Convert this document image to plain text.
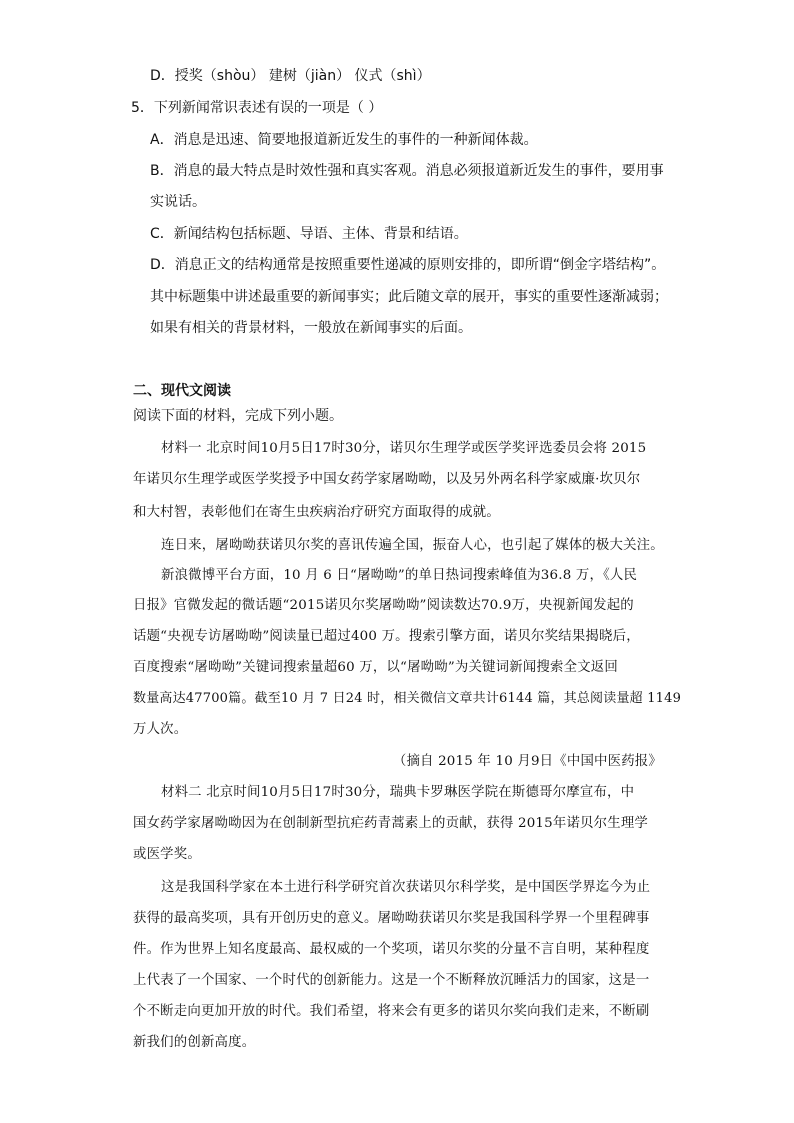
D．授奖（shòu） 建树（jiàn） 仪式（shì）
5．下列新闻常识表述有误的一项是（ ）
A．消息是迅速、简要地报道新近发生的事件的一种新闻体裁。
B．消息的最大特点是时效性强和真实客观。消息必须报道新近发生的事件，要用事
实说话。
C．新闻结构包括标题、导语、主体、背景和结语。
D．消息正文的结构通常是按照重要性递减的原则安排的，即所谓“倒金字塔结构”。
其中标题集中讲述最重要的新闻事实；此后随文章的展开，事实的重要性逐渐减弱；
如果有相关的背景材料，一般放在新闻事实的后面。
二、现代文阅读
阅读下面的材料，完成下列小题。
材料一 北京时间10月5日17时30分，诺贝尔生理学或医学奖评选委员会将 2015
年诺贝尔生理学或医学奖授予中国女药学家屠呦呦，以及另外两名科学家威廉·坎贝尔
和大村智，表彰他们在寄生虫疾病治疗研究方面取得的成就。
连日来，屠呦呦获诺贝尔奖的喜讯传遍全国，振奋人心，也引起了媒体的极大关注。
新浪微博平台方面，10 月 6 日“屠呦呦”的单日热词搜索峰值为36.8 万，《人民
日报》官微发起的微话题“2015诺贝尔奖屠呦呦”阅读数达70.9万，央视新闻发起的
话题“央视专访屠呦呦”阅读量已超过400 万。搜索引擎方面，诺贝尔奖结果揭晓后，
百度搜索“屠呦呦”关键词搜索量超60 万，以“屠呦呦”为关键词新闻搜索全文返回
数量高达47700篇。截至10 月 7 日24 时，相关微信文章共计6144 篇，其总阅读量超 1149
万人次。
（摘自 2015 年 10 月9日《中国中医药报》
材料二 北京时间10月5日17时30分，瑞典卡罗琳医学院在斯德哥尔摩宣布，中
国女药学家屠呦呦因为在创制新型抗疟药青蒿素上的贡献，获得 2015年诺贝尔生理学
或医学奖。
这是我国科学家在本土进行科学研究首次获诺贝尔科学奖，是中国医学界迄今为止
获得的最高奖项，具有开创历史的意义。屠呦呦获诺贝尔奖是我国科学界一个里程碑事
件。作为世界上知名度最高、最权威的一个奖项，诺贝尔奖的分量不言自明，某种程度
上代表了一个国家、一个时代的创新能力。这是一个不断释放沉睡活力的国家，这是一
个不断走向更加开放的时代。我们希望，将来会有更多的诺贝尔奖向我们走来，不断刷
新我们的创新高度。
